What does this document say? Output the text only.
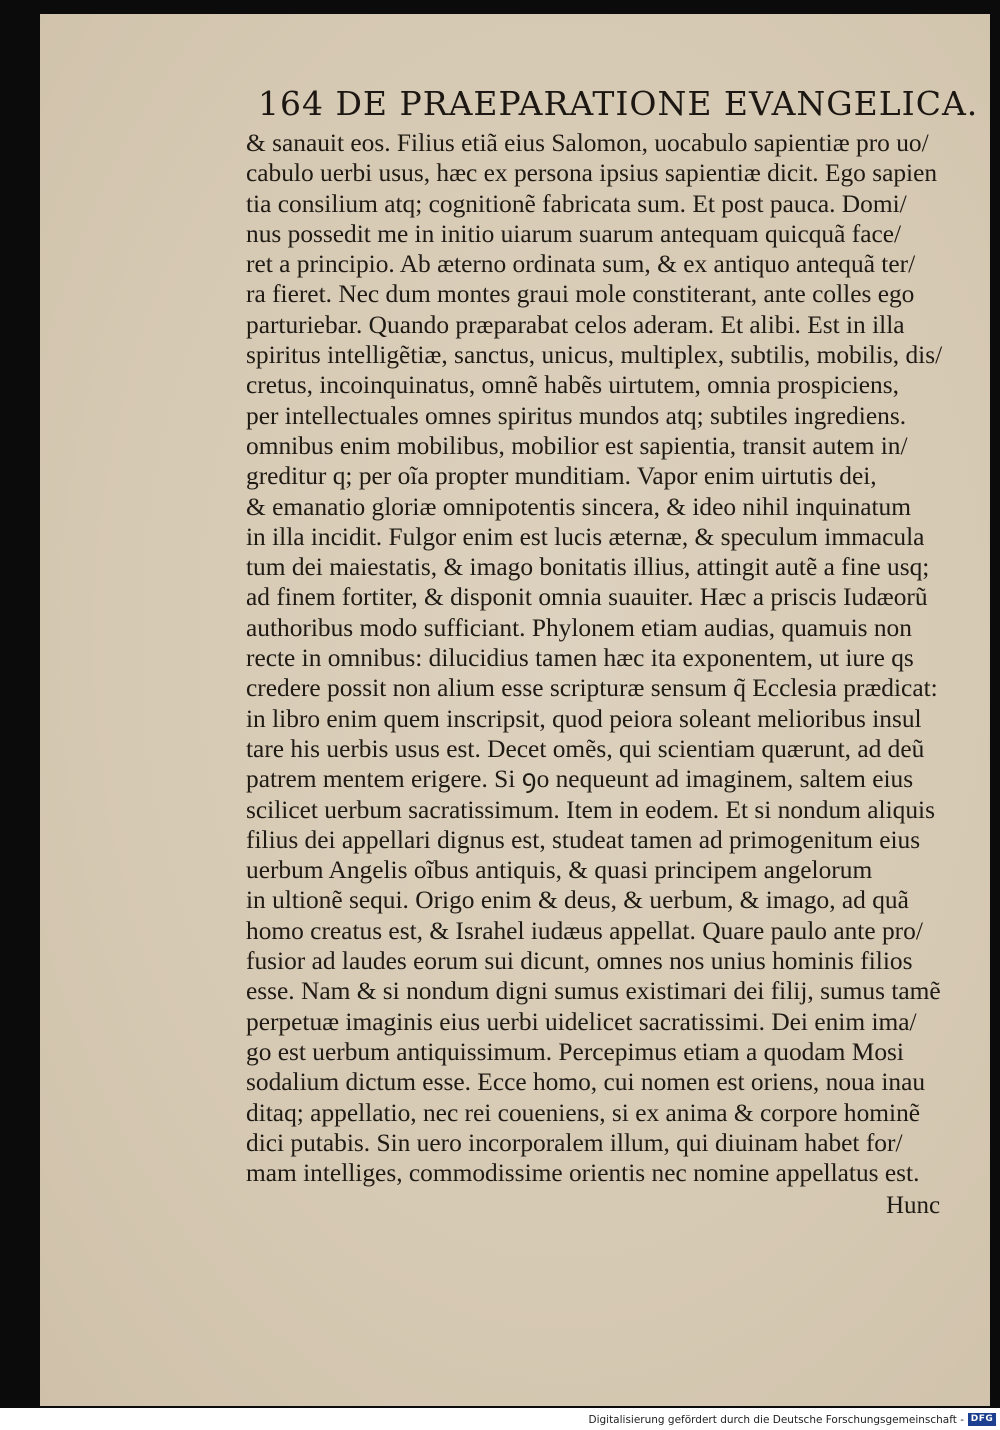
164 DE PRAEPARATIONE EVANGELICA.
& sanauit eos. Filius etiã eius Salomon, uocabulo sapientiæ pro uo/
cabulo uerbi usus, hæc ex persona ipsius sapientiæ dicit. Ego sapien
tia consilium atq; cognitionẽ fabricata sum. Et post pauca. Domi/
nus possedit me in initio uiarum suarum antequam quicquã face/
ret a principio. Ab æterno ordinata sum, & ex antiquo antequã ter/
ra fieret. Nec dum montes graui mole constiterant, ante colles ego
parturiebar. Quando præparabat celos aderam. Et alibi. Est in illa
spiritus intelligẽtiæ, sanctus, unicus, multiplex, subtilis, mobilis, dis/
cretus, incoinquinatus, omnẽ habẽs uirtutem, omnia prospiciens,
per intellectuales omnes spiritus mundos atq; subtiles ingrediens.
omnibus enim mobilibus, mobilior est sapientia, transit autem in/
greditur q; per oĩa propter munditiam. Vapor enim uirtutis dei,
& emanatio gloriæ omnipotentis sincera, & ideo nihil inquinatum
in illa incidit. Fulgor enim est lucis æternæ, & speculum immacula
tum dei maiestatis, & imago bonitatis illius, attingit autẽ a fine usq;
ad finem fortiter, & disponit omnia suauiter. Hæc a priscis Iudæorũ
authoribus modo sufficiant. Phylonem etiam audias, quamuis non
recte in omnibus: dilucidius tamen hæc ita exponentem, ut iure qs
credere possit non alium esse scripturæ sensum q̃ Ecclesia prædicat:
in libro enim quem inscripsit, quod peiora soleant melioribus insul
tare his uerbis usus est. Decet omẽs, qui scientiam quærunt, ad deũ
patrem mentem erigere. Si ꝯo nequeunt ad imaginem, saltem eius
scilicet uerbum sacratissimum. Item in eodem. Et si nondum aliquis
filius dei appellari dignus est, studeat tamen ad primogenitum eius
uerbum Angelis oĩbus antiquis, & quasi principem angelorum
in ultionẽ sequi. Origo enim & deus, & uerbum, & imago, ad quã
homo creatus est, & Israhel iudæus appellat. Quare paulo ante pro/
fusior ad laudes eorum sui dicunt, omnes nos unius hominis filios
esse. Nam & si nondum digni sumus existimari dei filij, sumus tamẽ
perpetuæ imaginis eius uerbi uidelicet sacratissimi. Dei enim ima/
go est uerbum antiquissimum. Percepimus etiam a quodam Mosi
sodalium dictum esse. Ecce homo, cui nomen est oriens, noua inau
ditaq; appellatio, nec rei coueniens, si ex anima & corpore hominẽ
dici putabis. Sin uero incorporalem illum, qui diuinam habet for/
mam intelliges, commodissime orientis nec nomine appellatus est.
Hunc
Digitalisierung gefördert durch die Deutsche Forschungsgemeinschaft - DFG
